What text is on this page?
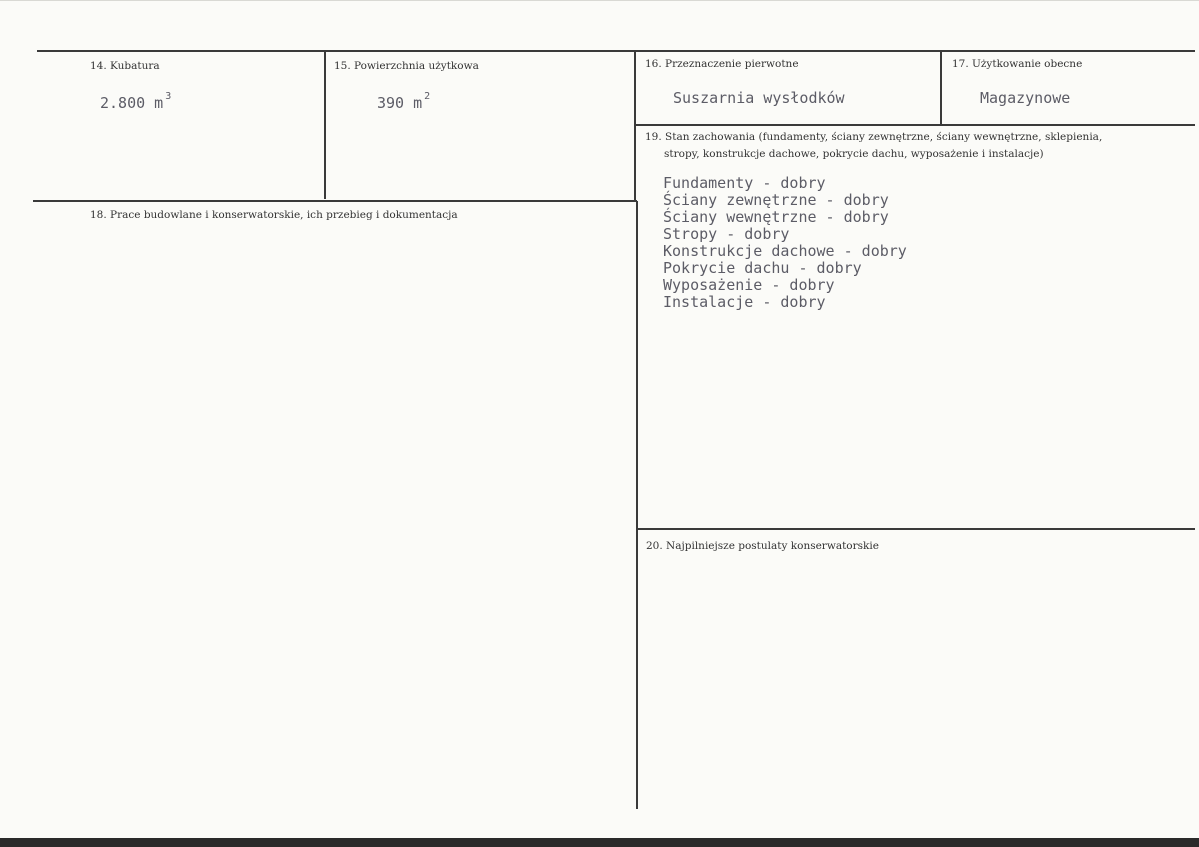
14. Kubatura
2.800 m $^3$
15. Powierzchnia użytkowa
390 m $^2$
16. Przeznaczenie pierwotne
Suszarnia wysłodków
17. Użytkowanie obecne
Magazynowe
18. Prace budowlane i konserwatorskie, ich przebieg i dokumentacja
19. Stan zachowania (fundamenty, ściany zewnętrzne, ściany wewnętrzne, sklepienia,
stropy, konstrukcje dachowe, pokrycie dachu, wyposażenie i instalacje)
Fundamenty - dobry
Ściany zewnętrzne - dobry
Ściany wewnętrzne - dobry
Stropy - dobry
Konstrukcje dachowe - dobry
Pokrycie dachu - dobry
Wyposażenie - dobry
Instalacje - dobry
20. Najpilniejsze postulaty konserwatorskie
